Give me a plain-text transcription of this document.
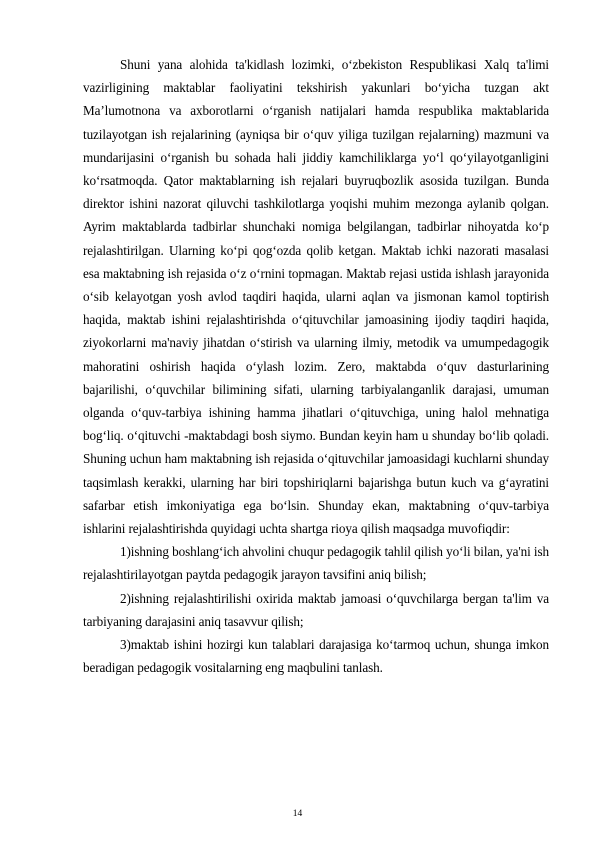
Shuni yana alohida ta'kidlash lozimki, o‘zbekiston Respublikasi Xalq ta'limi vazirligining maktablar faoliyatini tekshirish yakunlari bo‘yicha tuzgan akt Ma’lumotnona va axborotlarni o‘rganish natijalari hamda respublika maktablarida tuzilayotgan ish rejalarining (ayniqsa bir o‘quv yiliga tuzilgan rejalarning) mazmuni va mundarijasini o‘rganish bu sohada hali jiddiy kamchiliklarga yo‘l qo‘yilayotganligini ko‘rsatmoqda. Qator maktablarning ish rejalari buyruqbozlik asosida tuzilgan. Bunda direktor ishini nazorat qiluvchi tashkilotlarga yoqishi muhim mezonga aylanib qolgan. Ayrim maktablarda tadbirlar shunchaki nomiga belgilangan, tadbirlar nihoyatda ko‘p rejalashtirilgan. Ularning ko‘pi qog‘ozda qolib ketgan. Maktab ichki nazorati masalasi esa maktabning ish rejasida o‘z o‘rnini topmagan. Maktab rejasi ustida ishlash jarayonida o‘sib kelayotgan yosh avlod taqdiri haqida, ularni aqlan va jismonan kamol toptirish haqida, maktab ishini rejalashtirishda o‘qituvchilar jamoasining ijodiy taqdiri haqida, ziyokorlarni ma'naviy jihatdan o‘stirish va ularning ilmiy, metodik va umumpedagogik mahoratini oshirish haqida o‘ylash lozim. Zero, maktabda o‘quv dasturlarining bajarilishi, o‘quvchilar bilimining sifati, ularning tarbiyalanganlik darajasi, umuman olganda o‘quv-tarbiya ishining hamma jihatlari o‘qituvchiga, uning halol mehnatiga bog‘liq. o‘qituvchi -maktabdagi bosh siymo. Bundan keyin ham u shunday bo‘lib qoladi. Shuning uchun ham maktabning ish rejasida o‘qituvchilar jamoasidagi kuchlarni shunday taqsimlash kerakki, ularning har biri topshiriqlarni bajarishga butun kuch va g‘ayratini safarbar etish imkoniyatiga ega bo‘lsin. Shunday ekan, maktabning o‘quv-tarbiya ishlarini rejalashtirishda quyidagi uchta shartga rioya qilish maqsadga muvofiqdir:

1)ishning boshlang‘ich ahvolini chuqur pedagogik tahlil qilish yo‘li bilan, ya'ni ish rejalashtirilayotgan paytda pedagogik jarayon tavsifini aniq bilish;

2)ishning rejalashtirilishi oxirida maktab jamoasi o‘quvchilarga bergan ta'lim va tarbiyaning darajasini aniq tasavvur qilish;

3)maktab ishini hozirgi kun talablari darajasiga ko‘tarmoq uchun, shunga imkon beradigan pedagogik vositalarning eng maqbulini tanlash.

14
